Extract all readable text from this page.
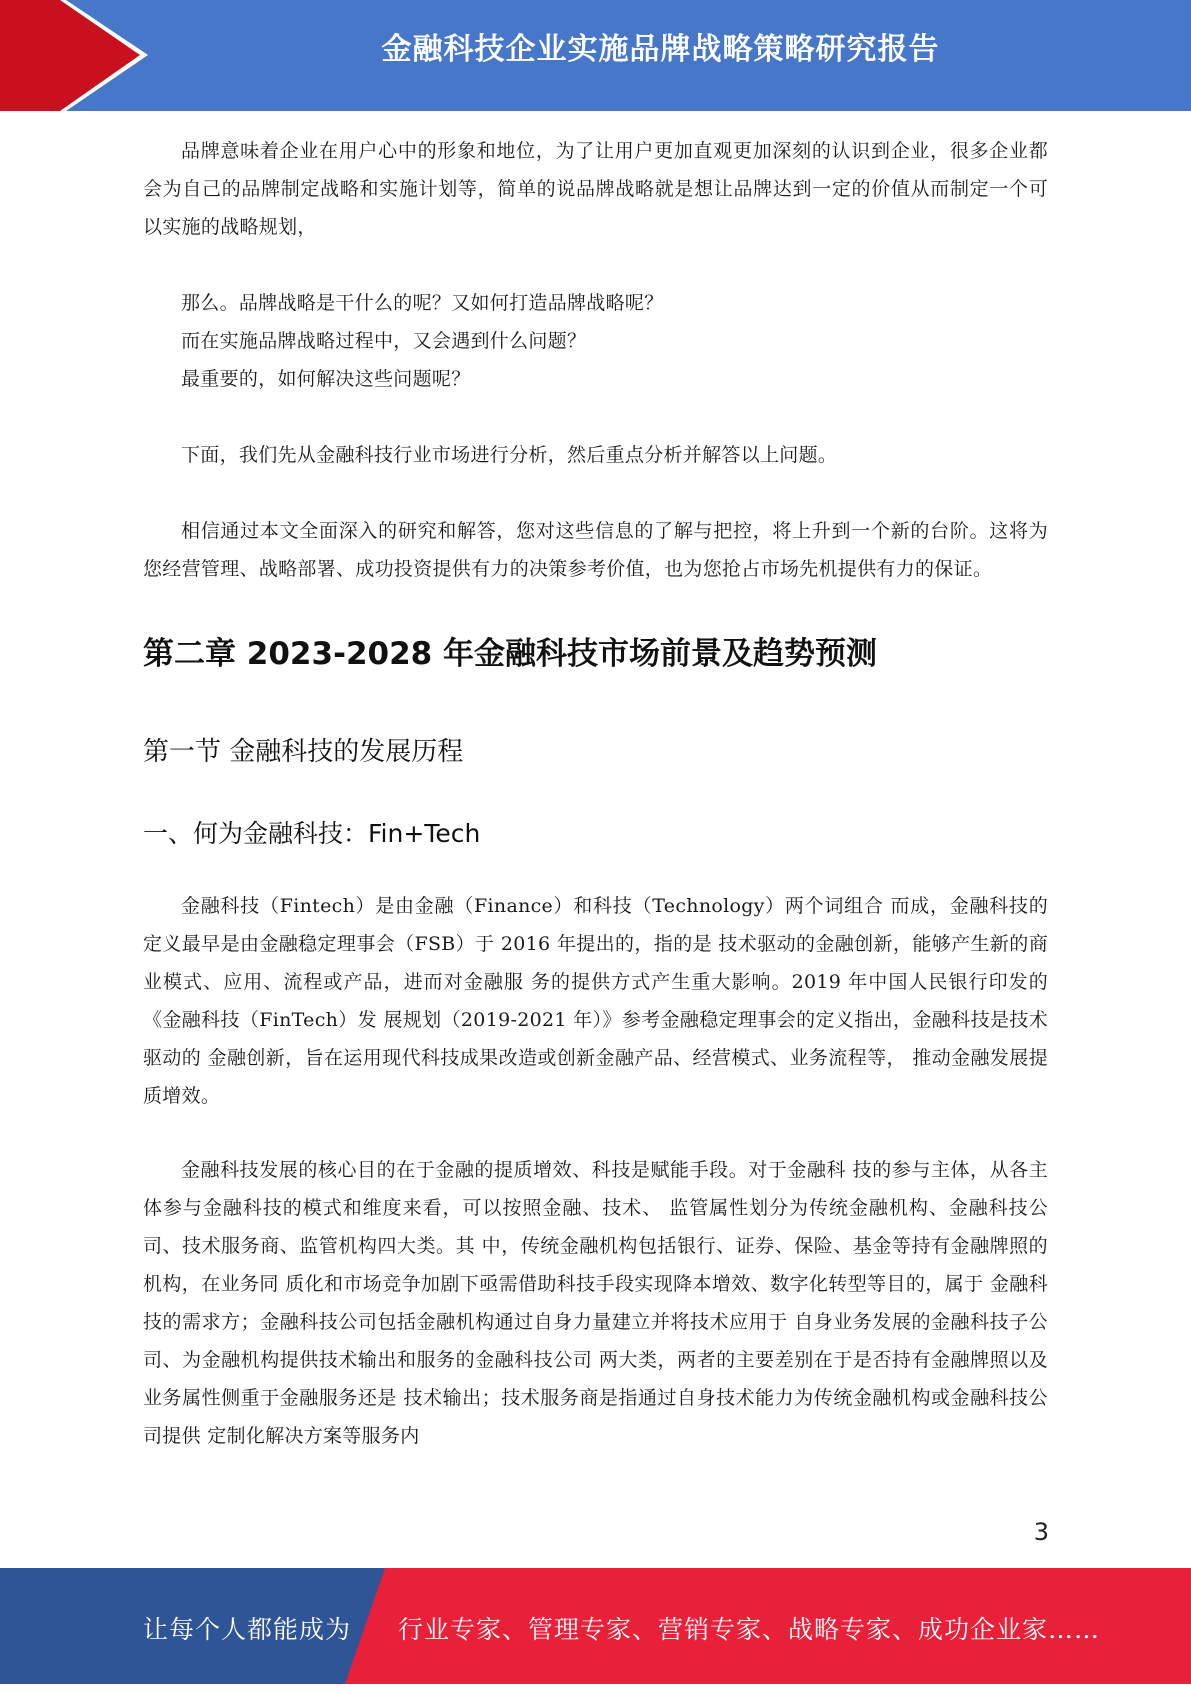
金融科技企业实施品牌战略策略研究报告

品牌意味着企业在用户心中的形象和地位，为了让用户更加直观更加深刻的认识到企业，很多企业都会为自己的品牌制定战略和实施计划等，简单的说品牌战略就是想让品牌达到一定的价值从而制定一个可以实施的战略规划，

那么。品牌战略是干什么的呢？又如何打造品牌战略呢？

而在实施品牌战略过程中，又会遇到什么问题？

最重要的，如何解决这些问题呢？

下面，我们先从金融科技行业市场进行分析，然后重点分析并解答以上问题。

相信通过本文全面深入的研究和解答，您对这些信息的了解与把控，将上升到一个新的台阶。这将为您经营管理、战略部署、成功投资提供有力的决策参考价值，也为您抢占市场先机提供有力的保证。

第二章 2023-2028 年金融科技市场前景及趋势预测
第一节 金融科技的发展历程
一、何为金融科技：Fin+Tech

金融科技（Fintech）是由金融（Finance）和科技（Technology）两个词组合 而成，金融科技的定义最早是由金融稳定理事会（FSB）于 2016 年提出的，指的是 技术驱动的金融创新，能够产生新的商业模式、应用、流程或产品，进而对金融服 务的提供方式产生重大影响。2019 年中国人民银行印发的《金融科技（FinTech）发 展规划（2019-2021 年）》参考金融稳定理事会的定义指出，金融科技是技术驱动的 金融创新，旨在运用现代科技成果改造或创新金融产品、经营模式、业务流程等， 推动金融发展提质增效。

金融科技发展的核心目的在于金融的提质增效、科技是赋能手段。对于金融科 技的参与主体，从各主体参与金融科技的模式和维度来看，可以按照金融、技术、 监管属性划分为传统金融机构、金融科技公司、技术服务商、监管机构四大类。其 中，传统金融机构包括银行、证券、保险、基金等持有金融牌照的机构，在业务同 质化和市场竞争加剧下亟需借助科技手段实现降本增效、数字化转型等目的，属于 金融科技的需求方；金融科技公司包括金融机构通过自身力量建立并将技术应用于 自身业务发展的金融科技子公司、为金融机构提供技术输出和服务的金融科技公司 两大类，两者的主要差别在于是否持有金融牌照以及业务属性侧重于金融服务还是 技术输出；技术服务商是指通过自身技术能力为传统金融机构或金融科技公司提供 定制化解决方案等服务内

3
让每个人都能成为 行业专家、管理专家、营销专家、战略专家、成功企业家……
